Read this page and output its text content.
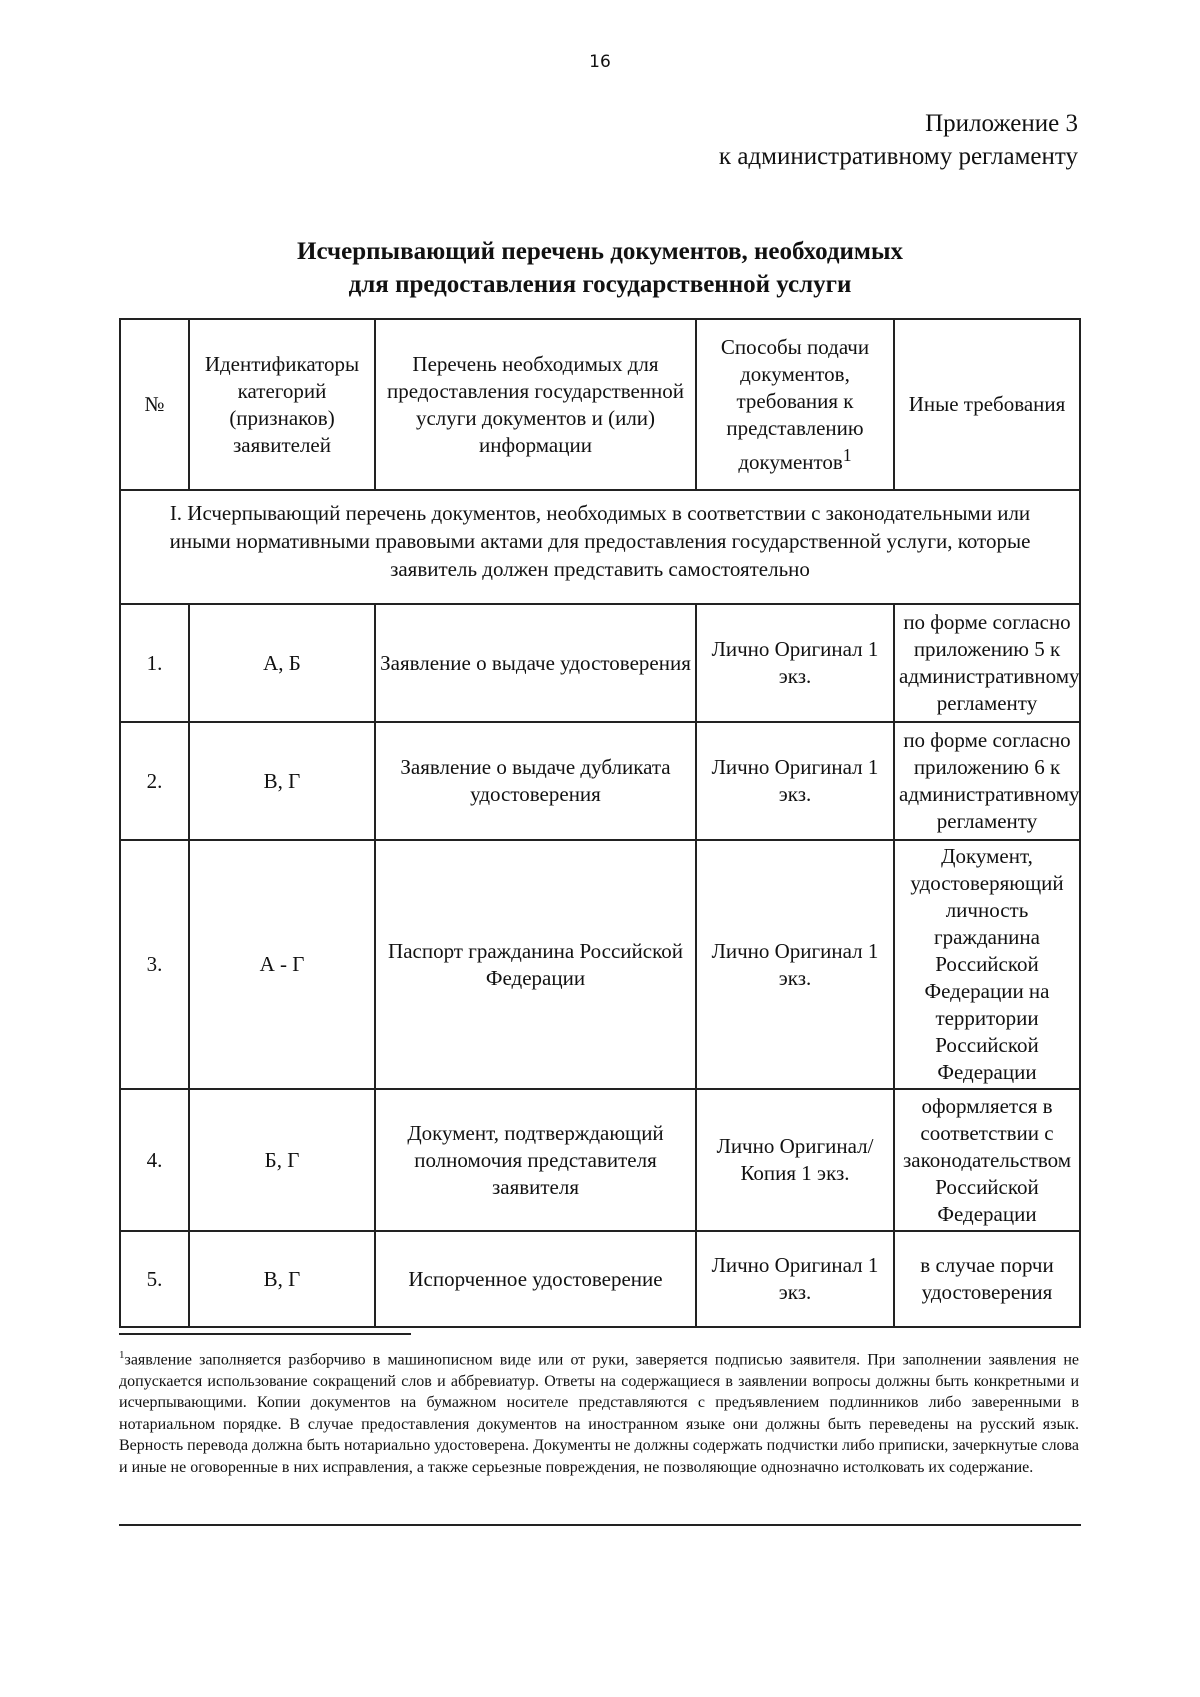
16
Приложение 3
к административному регламенту
Исчерпывающий перечень документов, необходимых
для предоставления государственной услуги
№	Идентификаторы категорий (признаков) заявителей	Перечень необходимых для предоставления государственной услуги документов и (или) информации	Способы подачи документов, требования к представлению документов$^1$	Иные требования
I. Исчерпывающий перечень документов, необходимых в соответствии с законодательными или иными нормативными правовыми актами для предоставления государственной услуги, которые заявитель должен представить самостоятельно				
1.	А, Б	Заявление о выдаче удостоверения	Лично Оригинал 1 экз.	по форме согласно приложению 5 к административному регламенту
2.	В, Г	Заявление о выдаче дубликата удостоверения	Лично Оригинал 1 экз.	по форме согласно приложению 6 к административному регламенту
3.	А - Г	Паспорт гражданина Российской Федерации	Лично Оригинал 1 экз.	Документ, удостоверяющий личность гражданина Российской Федерации на территории Российской Федерации
4.	Б, Г	Документ, подтверждающий полномочия представителя заявителя	Лично Оригинал/ Копия 1 экз.	оформляется в соответствии с законодательством Российской Федерации
5.	В, Г	Испорченное удостоверение	Лично Оригинал 1 экз.	в случае порчи удостоверения
$^1$заявление заполняется разборчиво в машинописном виде или от руки, заверяется подписью заявителя. При заполнении заявления не допускается использование сокращений слов и аббревиатур. Ответы на содержащиеся в заявлении вопросы должны быть конкретными и исчерпывающими. Копии документов на бумажном носителе представляются с предъявлением подлинников либо заверенными в нотариальном порядке. В случае предоставления документов на иностранном языке они должны быть переведены на русский язык. Верность перевода должна быть нотариально удостоверена. Документы не должны содержать подчистки либо приписки, зачеркнутые слова и иные не оговоренные в них исправления, а также серьезные повреждения, не позволяющие однозначно истолковать их содержание.
